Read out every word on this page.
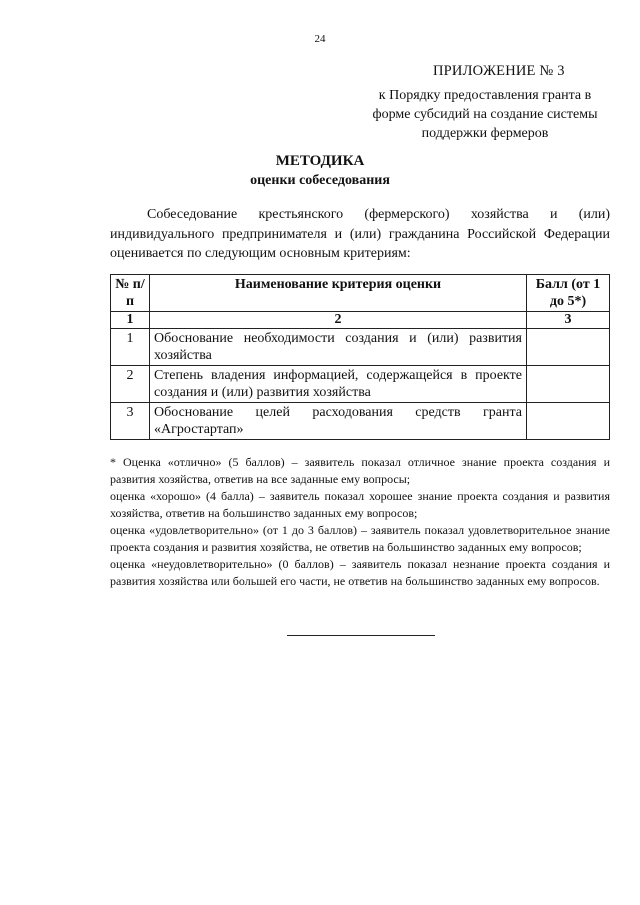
24
ПРИЛОЖЕНИЕ № 3
к Порядку предоставления гранта в
форме субсидий на создание системы
поддержки фермеров
МЕТОДИКА
оценки собеседования

Собеседование крестьянского (фермерского) хозяйства и (или) индивидуального предпринимателя и (или) гражданина Российской Федерации оценивается по следующим основным критериям:

№ п/п	Наименование критерия оценки	Балл (от 1 до 5*)
1	2	3
1	Обоснование необходимости создания и (или) развития хозяйства	
2	Степень владения информацией, содержащейся в проекте создания и (или) развития хозяйства	
3	Обоснование целей расходования средств гранта «Агростартап»	

* Оценка «отлично» (5 баллов) – заявитель показал отличное знание проекта создания и развития хозяйства, ответив на все заданные ему вопросы;

оценка «хорошо» (4 балла) – заявитель показал хорошее знание проекта создания и развития хозяйства, ответив на большинство заданных ему вопросов;

оценка «удовлетворительно» (от 1 до 3 баллов) – заявитель показал удовлетворительное знание проекта создания и развития хозяйства, не ответив на большинство заданных ему вопросов;

оценка «неудовлетворительно» (0 баллов) – заявитель показал незнание проекта создания и развития хозяйства или большей его части, не ответив на большинство заданных ему вопросов.
